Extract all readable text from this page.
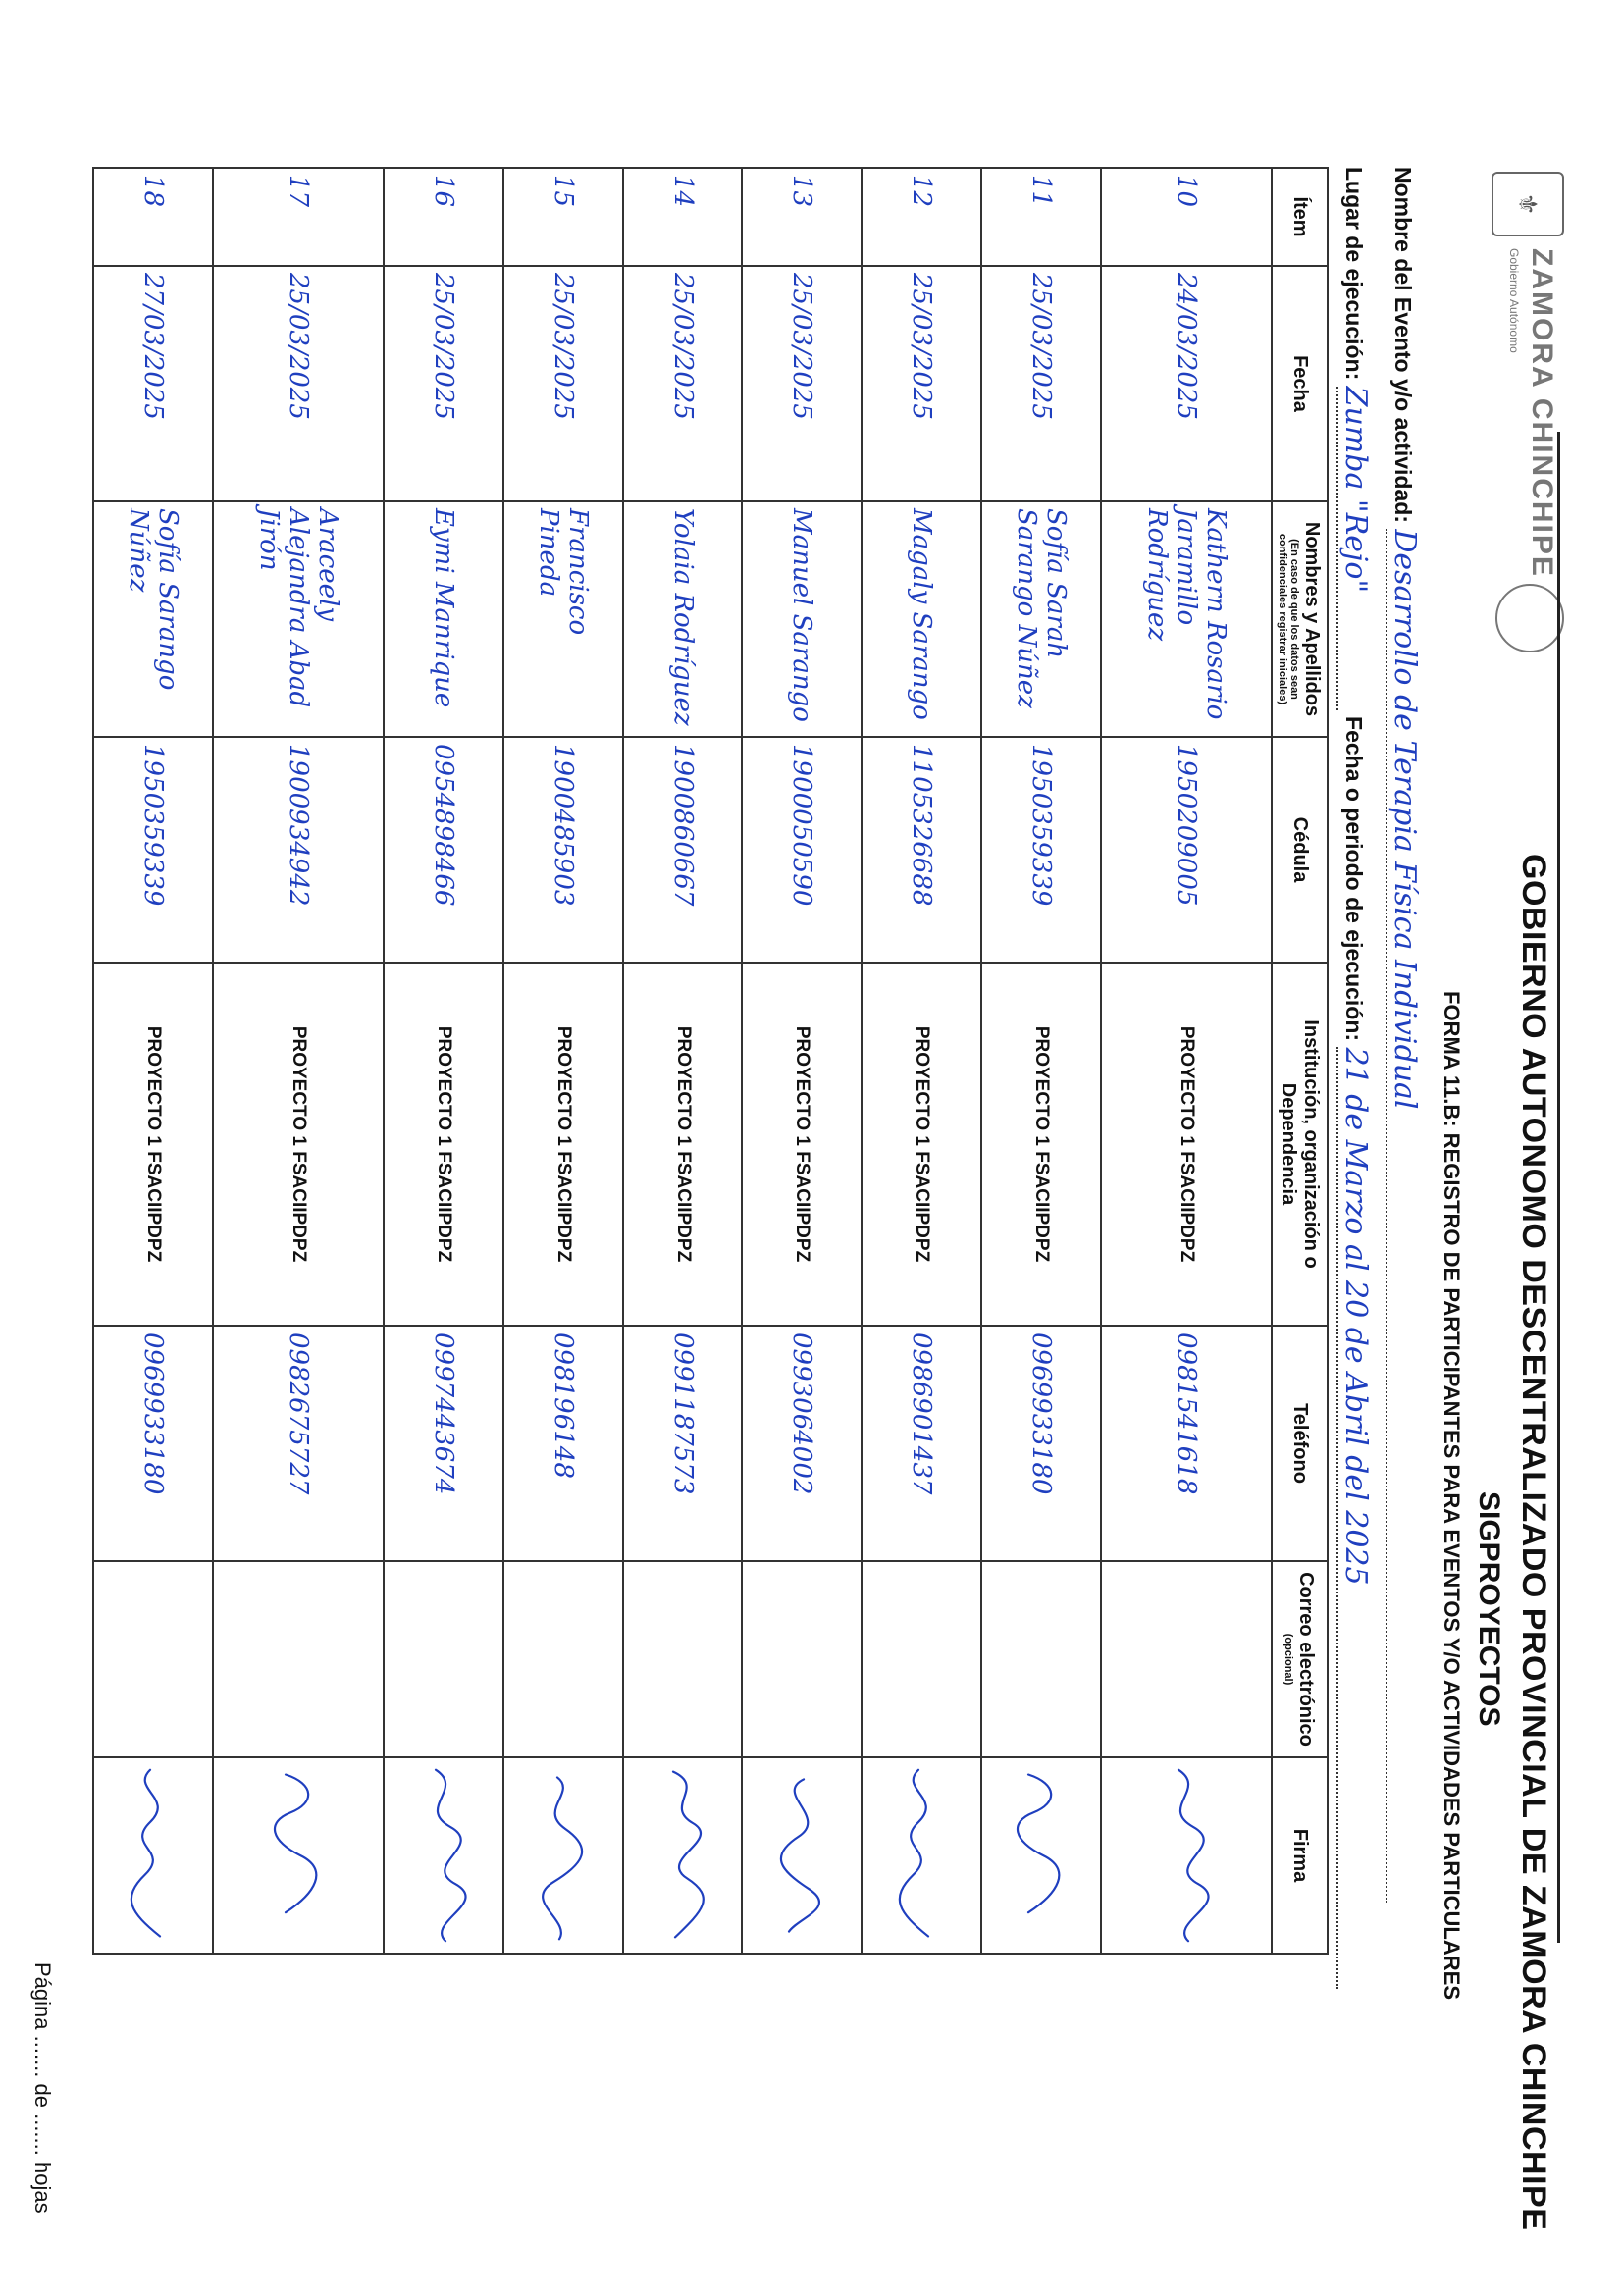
⚜
ZAMORA CHINCHIPE
Gobierno Autónomo
GOBIERNO AUTONOMO DESCENTRALIZADO PROVINCIAL DE ZAMORA CHINCHIPE
SIGPROYECTOS
FORMA 11.B: REGISTRO DE PARTICIPANTES PARA EVENTOS Y/O ACTIVIDADES PARTICULARES
Nombre del Evento y/o actividad: Desarrollo de Terapia Física Individual
Lugar de ejecución: Zumba "Rejo" Fecha o periodo de ejecución: 21 de Marzo al 20 de Abril del 2025
Ítem	Fecha	Nombres y Apellidos
(En caso de que los datos sean confidenciales registrar iniciales)	Cédula	Institución, organización o Dependencia	Teléfono	Correo electrónico
(opcional)	Firma
10	24/03/2025	Kathern Rosario Jaramillo Rodríguez	1950209005	PROYECTO 1 FSACIIPDPZ	0981541618		

11	25/03/2025	Sofía Sarah Sarango Núñez	1950359339	PROYECTO 1 FSACIIPDPZ	0969933180		

12	25/03/2025	Magaly Sarango	1105326688	PROYECTO 1 FSACIIPDPZ	0986901437		

13	25/03/2025	Manuel Sarango	1900050590	PROYECTO 1 FSACIIPDPZ	0993064002		

14	25/03/2025	Yolaia Rodríguez	1900860667	PROYECTO 1 FSACIIPDPZ	0991187573		

15	25/03/2025	Francisco Pineda	1900485903	PROYECTO 1 FSACIIPDPZ	098196148		

16	25/03/2025	Eymi Manrique	0954898466	PROYECTO 1 FSACIIPDPZ	0997443674		

17	25/03/2025	Araceely Alejandra Abad Jirón	1900934942	PROYECTO 1 FSACIIPDPZ	0982675727		

18	27/03/2025	Sofía Sarango Núñez	1950359339	PROYECTO 1 FSACIIPDPZ	0969933180		
Página ....... de ....... hojas
